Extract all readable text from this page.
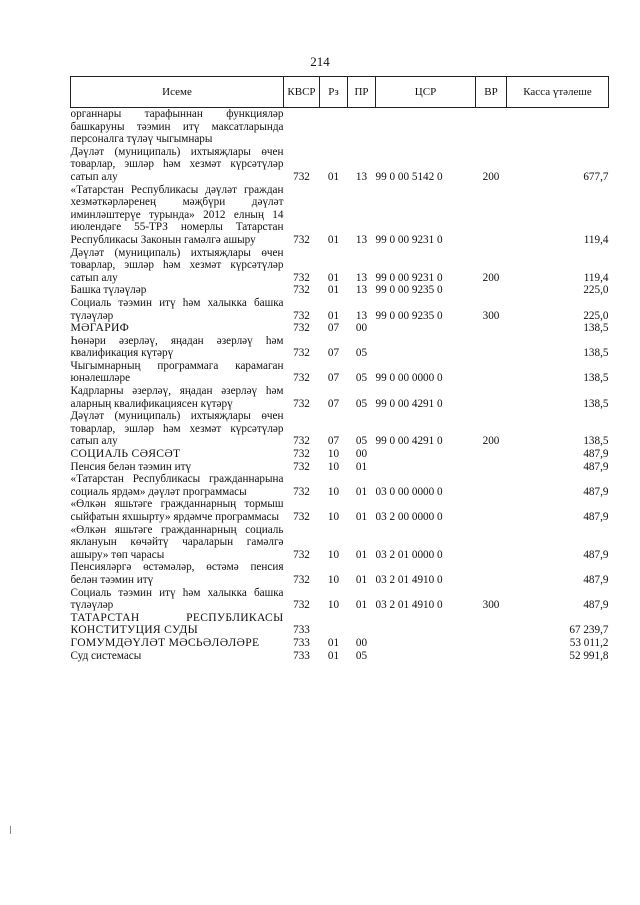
214
Исеме	КВСР	Рз	ПР	ЦСР	ВР	Касса үтәлеше
органнары тарафыннан функцияләр башкаруны тәэмин итү максатларында персоналга түләү чыгымнары						
Дәүләт (муниципаль) ихтыяҗлары өчен товарлар, эшләр һәм хезмәт күрсәтүләр сатып алу	732	01	13	99 0 00 5142 0	200	677,7
«Татарстан Республикасы дәүләт граждан хезмәткәрләренең мәҗбүри дәүләт иминләштерүе турында» 2012 елның 14 июлендәге 55-ТРЗ номерлы Татарстан Республикасы Законын гамәлгә ашыру	732	01	13	99 0 00 9231 0		119,4
Дәүләт (муниципаль) ихтыяҗлары өчен товарлар, эшләр һәм хезмәт күрсәтүләр сатып алу	732	01	13	99 0 00 9231 0	200	119,4
Башка түләүләр	732	01	13	99 0 00 9235 0		225,0
Социаль тәэмин итү һәм халыкка башка түләүләр	732	01	13	99 0 00 9235 0	300	225,0
МӘГАРИФ	732	07	00			138,5
Һөнәри әзерләү, яңадан әзерләү һәм квалификация күтәрү	732	07	05			138,5
Чыгымнарның программага карамаган юнәлешләре	732	07	05	99 0 00 0000 0		138,5
Кадрларны әзерләү, яңадан әзерләү һәм аларның квалификациясен күтәрү	732	07	05	99 0 00 4291 0		138,5
Дәүләт (муниципаль) ихтыяҗлары өчен товарлар, эшләр һәм хезмәт күрсәтүләр сатып алу	732	07	05	99 0 00 4291 0	200	138,5
СОЦИАЛЬ СӘЯСӘТ	732	10	00			487,9
Пенсия белән тәэмин итү	732	10	01			487,9
«Татарстан Республикасы гражданнарына социаль ярдәм» дәүләт программасы	732	10	01	03 0 00 0000 0		487,9
«Өлкән яшьтәге гражданнарның тормыш сыйфатын яхшырту» ярдәмче программасы	732	10	01	03 2 00 0000 0		487,9
«Өлкән яшьтәге гражданнарның социаль яклануын көчәйтү чараларын гамәлгә ашыру» төп чарасы	732	10	01	03 2 01 0000 0		487,9
Пенсияләргә өстәмәләр, өстәмә пенсия белән тәэмин итү	732	10	01	03 2 01 4910 0		487,9
Социаль тәэмин итү һәм халыкка башка түләүләр	732	10	01	03 2 01 4910 0	300	487,9
ТАТАРСТАН РЕСПУБЛИКАСЫ КОНСТИТУЦИЯ СУДЫ	733					67 239,7
ГОМУМДӘҮЛӘТ МӘСЬӘЛӘЛӘРЕ	733	01	00			53 011,2
Суд системасы	733	01	05			52 991,8
